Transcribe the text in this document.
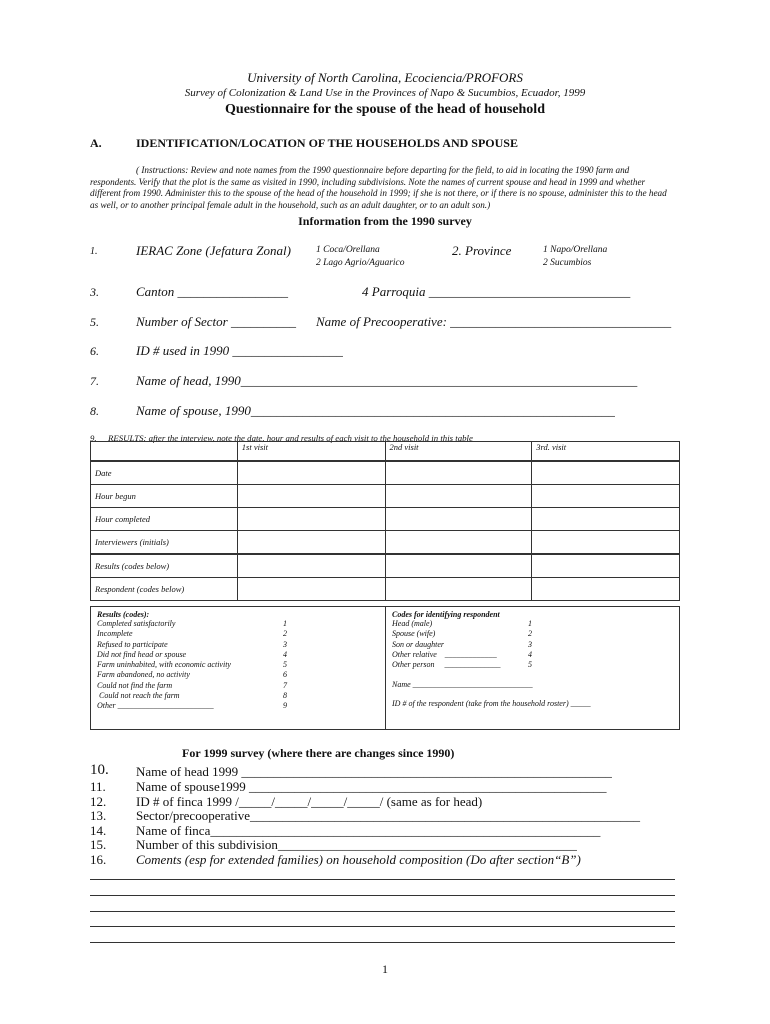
University of North Carolina, Ecociencia/PROFORS
Survey of Colonization & Land Use in the Provinces of Napo & Sucumbios, Ecuador, 1999
Questionnaire for the spouse of the head of household
A.	IDENTIFICATION/LOCATION OF THE HOUSEHOLDS AND SPOUSE
( Instructions: Review and note names from the 1990 questionnaire before departing for the field, to aid in locating the 1990 farm and respondents. Verify that the plot is the same as visited in 1990, including subdivisions. Note the names of current spouse and head in 1999 and whether different from 1990. Administer this to the spouse of the head of the household in 1999; if she is not there, or if there is no spouse, administer this to the head as well, or to another principal female adult in the household, such as an adult daughter, or to an adult son.)
Information from the 1990 survey
1.	IERAC Zone (Jefatura Zonal)	1 Coca/Orellana
2 Lago Agrio/Aguarico
2. Province	1 Napo/Orellana
2 Sucumbios
3.	Canton _________________	4 Parroquia _______________________________
5.	Number of Sector __________ Name of Precooperative: __________________________________
6.	ID # used in 1990 _________________
7.	Name of head, 1990_____________________________________________________________
8.	Name of spouse, 1990________________________________________________________
9. RESULTS: after the interview, note the date, hour and results of each visit to the household in this table
	1st visit	2nd visit	3rd. visit
Date			
Hour begun			
Hour completed			
Interviewers (initials)			
Results (codes below)			
Respondent (codes below)			
Results (codes):
Completed satisfactorily	1
Incomplete	2
Refused to participate	3
Did not find head or spouse	4
Farm uninhabited, with economic activity	5
Farm abandoned, no activity	6
Could not find the farm	7
Could not reach the farm	8
Other ________________________	9
Codes for identifying respondent
Head (male)	1
Spouse (wife)	2
Son or daughter	3
Other relative    _____________	4
Other person     ______________	5
Name ______________________________
ID # of the respondent (take from the household roster) _____
For 1999 survey (where there are changes since 1990)
10. Name of head 1999 _________________________________________________________
11. Name of spouse1999 _______________________________________________________
12. ID # of finca 1999 /_____/_____/_____/_____/ (same as for head)
13. Sector/precooperative____________________________________________________________
14. Name of finca____________________________________________________________
15. Number of this subdivision______________________________________________
16. Coments (esp for extended families) on household composition (Do after section“B”)
1
